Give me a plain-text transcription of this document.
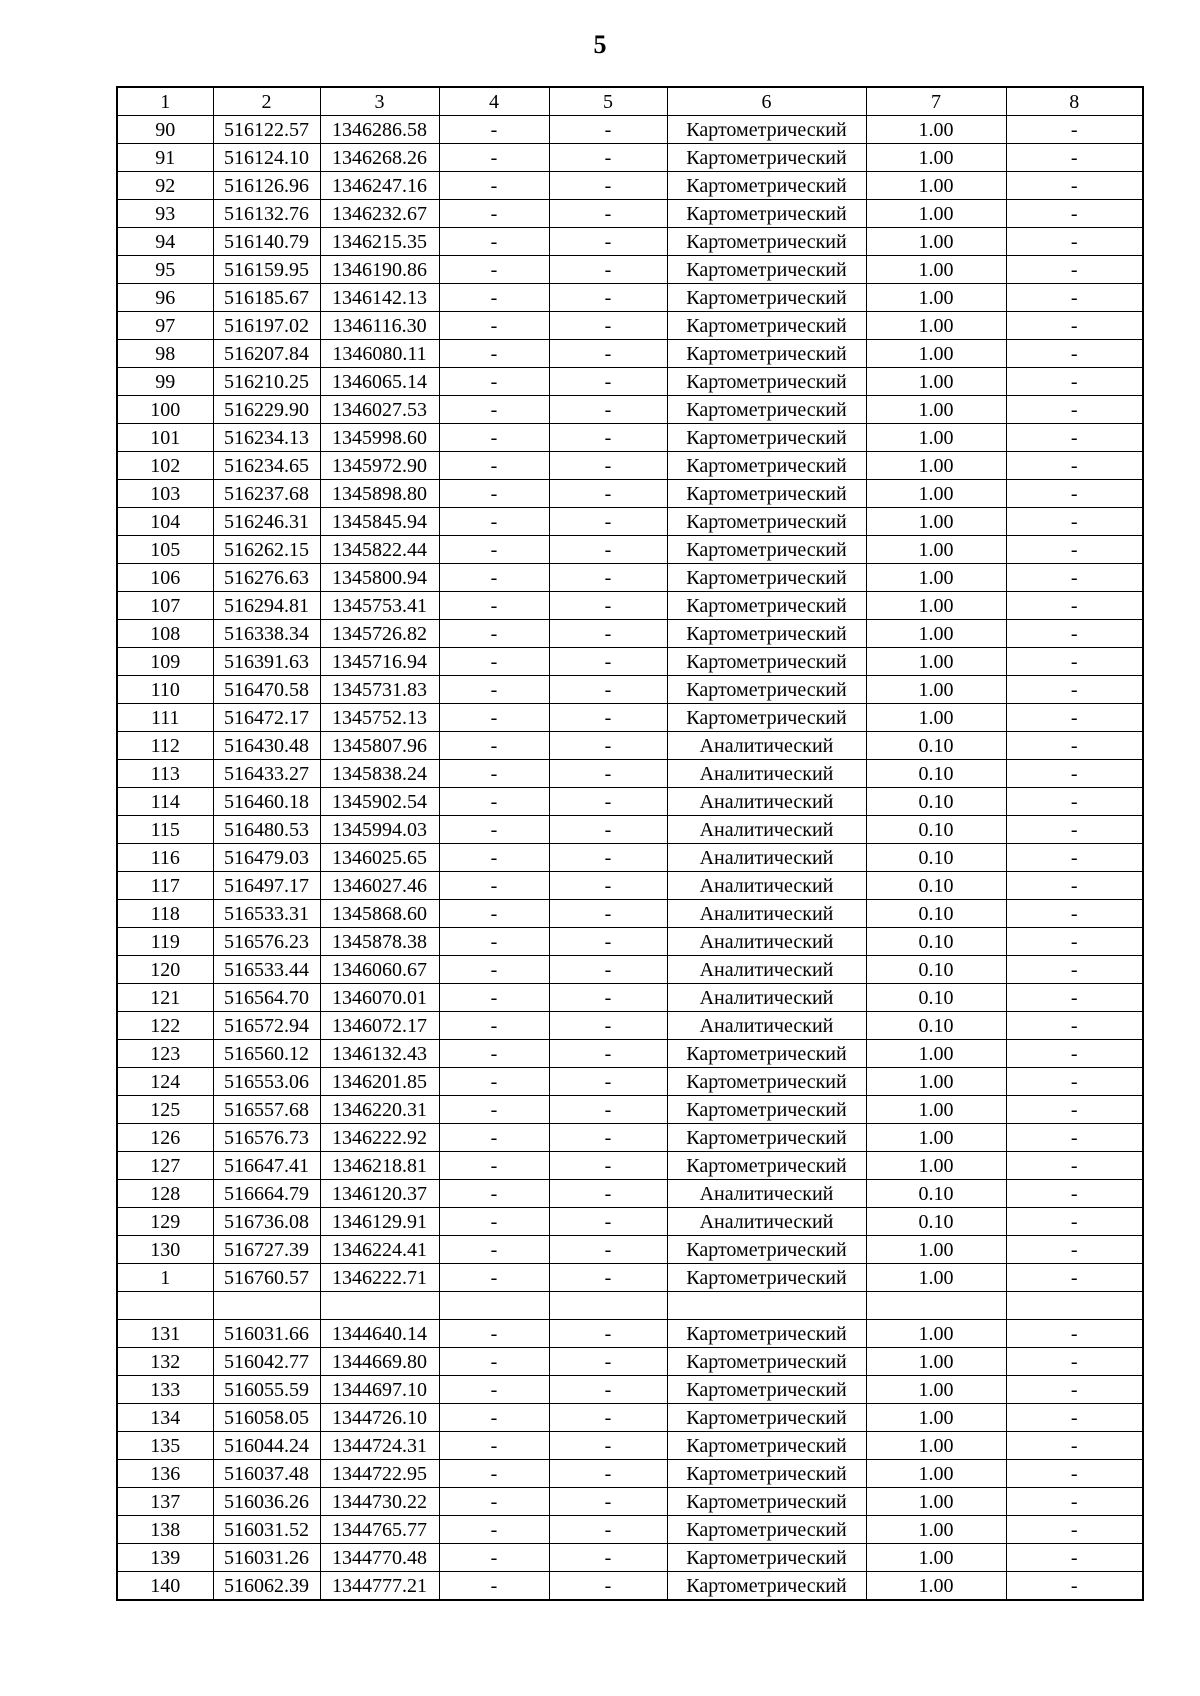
5
1	2	3	4	5	6	7	8
90	516122.57	1346286.58	-	-	Картометрический	1.00	-
91	516124.10	1346268.26	-	-	Картометрический	1.00	-
92	516126.96	1346247.16	-	-	Картометрический	1.00	-
93	516132.76	1346232.67	-	-	Картометрический	1.00	-
94	516140.79	1346215.35	-	-	Картометрический	1.00	-
95	516159.95	1346190.86	-	-	Картометрический	1.00	-
96	516185.67	1346142.13	-	-	Картометрический	1.00	-
97	516197.02	1346116.30	-	-	Картометрический	1.00	-
98	516207.84	1346080.11	-	-	Картометрический	1.00	-
99	516210.25	1346065.14	-	-	Картометрический	1.00	-
100	516229.90	1346027.53	-	-	Картометрический	1.00	-
101	516234.13	1345998.60	-	-	Картометрический	1.00	-
102	516234.65	1345972.90	-	-	Картометрический	1.00	-
103	516237.68	1345898.80	-	-	Картометрический	1.00	-
104	516246.31	1345845.94	-	-	Картометрический	1.00	-
105	516262.15	1345822.44	-	-	Картометрический	1.00	-
106	516276.63	1345800.94	-	-	Картометрический	1.00	-
107	516294.81	1345753.41	-	-	Картометрический	1.00	-
108	516338.34	1345726.82	-	-	Картометрический	1.00	-
109	516391.63	1345716.94	-	-	Картометрический	1.00	-
110	516470.58	1345731.83	-	-	Картометрический	1.00	-
111	516472.17	1345752.13	-	-	Картометрический	1.00	-
112	516430.48	1345807.96	-	-	Аналитический	0.10	-
113	516433.27	1345838.24	-	-	Аналитический	0.10	-
114	516460.18	1345902.54	-	-	Аналитический	0.10	-
115	516480.53	1345994.03	-	-	Аналитический	0.10	-
116	516479.03	1346025.65	-	-	Аналитический	0.10	-
117	516497.17	1346027.46	-	-	Аналитический	0.10	-
118	516533.31	1345868.60	-	-	Аналитический	0.10	-
119	516576.23	1345878.38	-	-	Аналитический	0.10	-
120	516533.44	1346060.67	-	-	Аналитический	0.10	-
121	516564.70	1346070.01	-	-	Аналитический	0.10	-
122	516572.94	1346072.17	-	-	Аналитический	0.10	-
123	516560.12	1346132.43	-	-	Картометрический	1.00	-
124	516553.06	1346201.85	-	-	Картометрический	1.00	-
125	516557.68	1346220.31	-	-	Картометрический	1.00	-
126	516576.73	1346222.92	-	-	Картометрический	1.00	-
127	516647.41	1346218.81	-	-	Картометрический	1.00	-
128	516664.79	1346120.37	-	-	Аналитический	0.10	-
129	516736.08	1346129.91	-	-	Аналитический	0.10	-
130	516727.39	1346224.41	-	-	Картометрический	1.00	-
1	516760.57	1346222.71	-	-	Картометрический	1.00	-

131	516031.66	1344640.14	-	-	Картометрический	1.00	-
132	516042.77	1344669.80	-	-	Картометрический	1.00	-
133	516055.59	1344697.10	-	-	Картометрический	1.00	-
134	516058.05	1344726.10	-	-	Картометрический	1.00	-
135	516044.24	1344724.31	-	-	Картометрический	1.00	-
136	516037.48	1344722.95	-	-	Картометрический	1.00	-
137	516036.26	1344730.22	-	-	Картометрический	1.00	-
138	516031.52	1344765.77	-	-	Картометрический	1.00	-
139	516031.26	1344770.48	-	-	Картометрический	1.00	-
140	516062.39	1344777.21	-	-	Картометрический	1.00	-
